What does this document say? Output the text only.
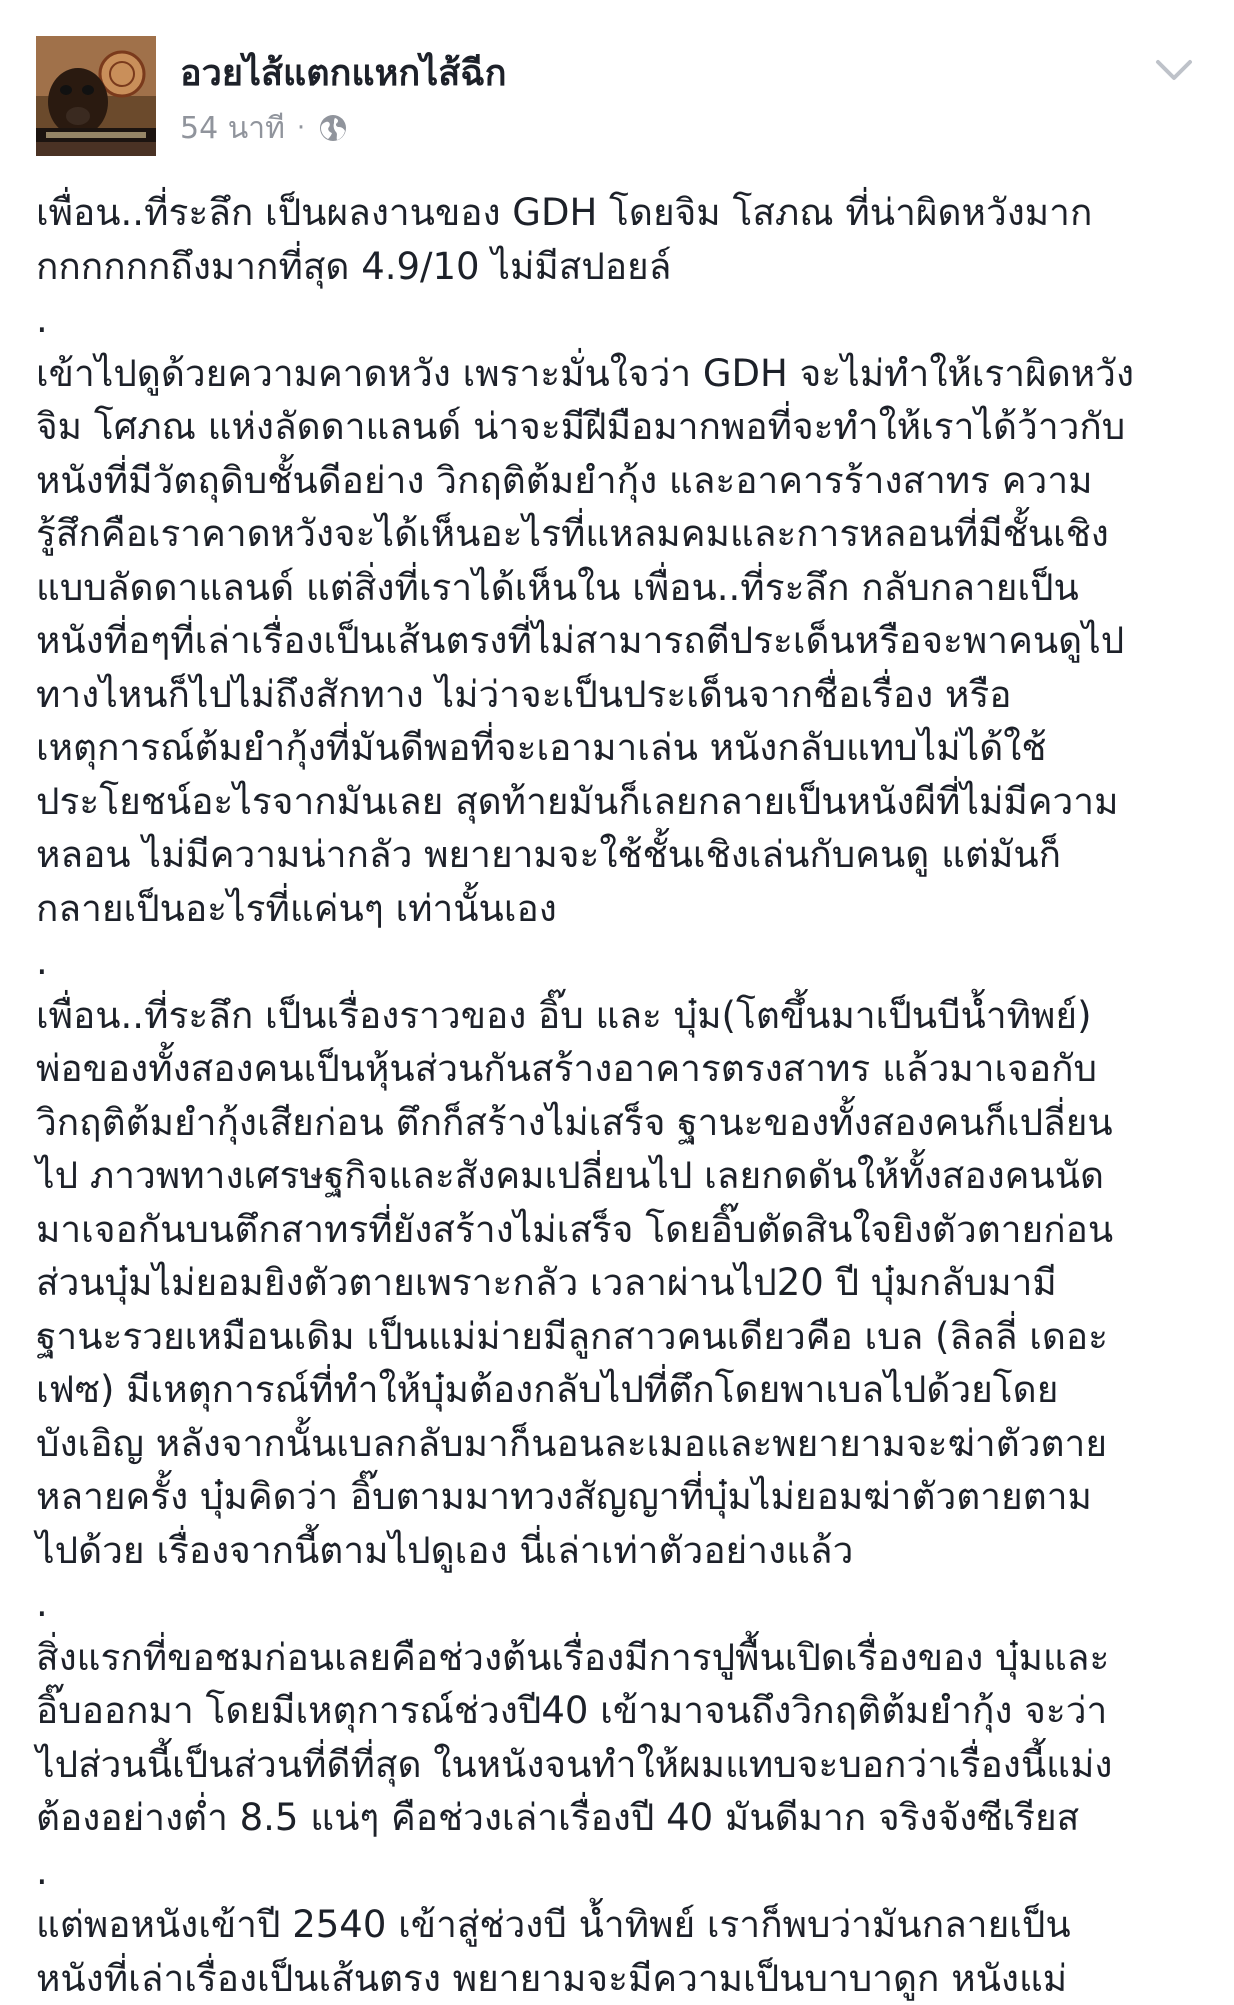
อวยไส้แตกแหกไส้ฉีก
54 นาที ·

เพื่อน..ที่ระลึก เป็นผลงานของ GDH โดยจิม โสภณ ที่น่าผิดหวังมาก

กกกกกกถึงมากที่สุด 4.9/10 ไม่มีสปอยล์

.

เข้าไปดูด้วยความคาดหวัง เพราะมั่นใจว่า GDH จะไม่ทำให้เราผิดหวัง

จิม โศภณ แห่งลัดดาแลนด์ น่าจะมีฝีมือมากพอที่จะทำให้เราได้ว้าวกับ

หนังที่มีวัตถุดิบชั้นดีอย่าง วิกฤติต้มยำกุ้ง และอาคารร้างสาทร ความ

รู้สึกคือเราคาดหวังจะได้เห็นอะไรที่แหลมคมและการหลอนที่มีชั้นเชิง

แบบลัดดาแลนด์ แต่สิ่งที่เราได้เห็นใน เพื่อน..ที่ระลึก กลับกลายเป็น

หนังที่อๆที่เล่าเรื่องเป็นเส้นตรงที่ไม่สามารถตีประเด็นหรือจะพาคนดูไป

ทางไหนก็ไปไม่ถึงสักทาง ไม่ว่าจะเป็นประเด็นจากชื่อเรื่อง หรือ

เหตุการณ์ต้มยำกุ้งที่มันดีพอที่จะเอามาเล่น หนังกลับแทบไม่ได้ใช้

ประโยชน์อะไรจากมันเลย สุดท้ายมันก็เลยกลายเป็นหนังผีที่ไม่มีความ

หลอน ไม่มีความน่ากลัว พยายามจะใช้ชั้นเชิงเล่นกับคนดู แต่มันก็

กลายเป็นอะไรที่แค่นๆ เท่านั้นเอง

.

เพื่อน..ที่ระลึก เป็นเรื่องราวของ อิ๊บ และ บุ๋ม(โตขึ้นมาเป็นบีน้ำทิพย์)

พ่อของทั้งสองคนเป็นหุ้นส่วนกันสร้างอาคารตรงสาทร แล้วมาเจอกับ

วิกฤติต้มยำกุ้งเสียก่อน ตึกก็สร้างไม่เสร็จ ฐานะของทั้งสองคนก็เปลี่ยน

ไป ภาวพทางเศรษฐกิจและสังคมเปลี่ยนไป เลยกดดันให้ทั้งสองคนนัด

มาเจอกันบนตึกสาทรที่ยังสร้างไม่เสร็จ โดยอิ๊บตัดสินใจยิงตัวตายก่อน

ส่วนบุ๋มไม่ยอมยิงตัวตายเพราะกลัว เวลาผ่านไป20 ปี บุ๋มกลับมามี

ฐานะรวยเหมือนเดิม เป็นแม่ม่ายมีลูกสาวคนเดียวคือ เบล (ลิลลี่ เดอะ

เฟซ) มีเหตุการณ์ที่ทำให้บุ๋มต้องกลับไปที่ตึกโดยพาเบลไปด้วยโดย

บังเอิญ หลังจากนั้นเบลกลับมาก็นอนละเมอและพยายามจะฆ่าตัวตาย

หลายครั้ง บุ๋มคิดว่า อิ๊บตามมาทวงสัญญาที่บุ๋มไม่ยอมฆ่าตัวตายตาม

ไปด้วย เรื่องจากนี้ตามไปดูเอง นี่เล่าเท่าตัวอย่างแล้ว

.

สิ่งแรกที่ขอชมก่อนเลยคือช่วงต้นเรื่องมีการปูพื้นเปิดเรื่องของ บุ๋มและ

อิ๊บออกมา โดยมีเหตุการณ์ช่วงปี40 เข้ามาจนถึงวิกฤติต้มยำกุ้ง จะว่า

ไปส่วนนี้เป็นส่วนที่ดีที่สุด ในหนังจนทำให้ผมแทบจะบอกว่าเรื่องนี้แม่ง

ต้องอย่างต่ำ 8.5 แน่ๆ คือช่วงเล่าเรื่องปี 40 มันดีมาก จริงจังซีเรียส

.

แต่พอหนังเข้าปี 2540 เข้าสู่ช่วงบี น้ำทิพย์ เราก็พบว่ามันกลายเป็น

หนังที่เล่าเรื่องเป็นเส้นตรง พยายามจะมีความเป็นบาบาดูก หนังแม่
